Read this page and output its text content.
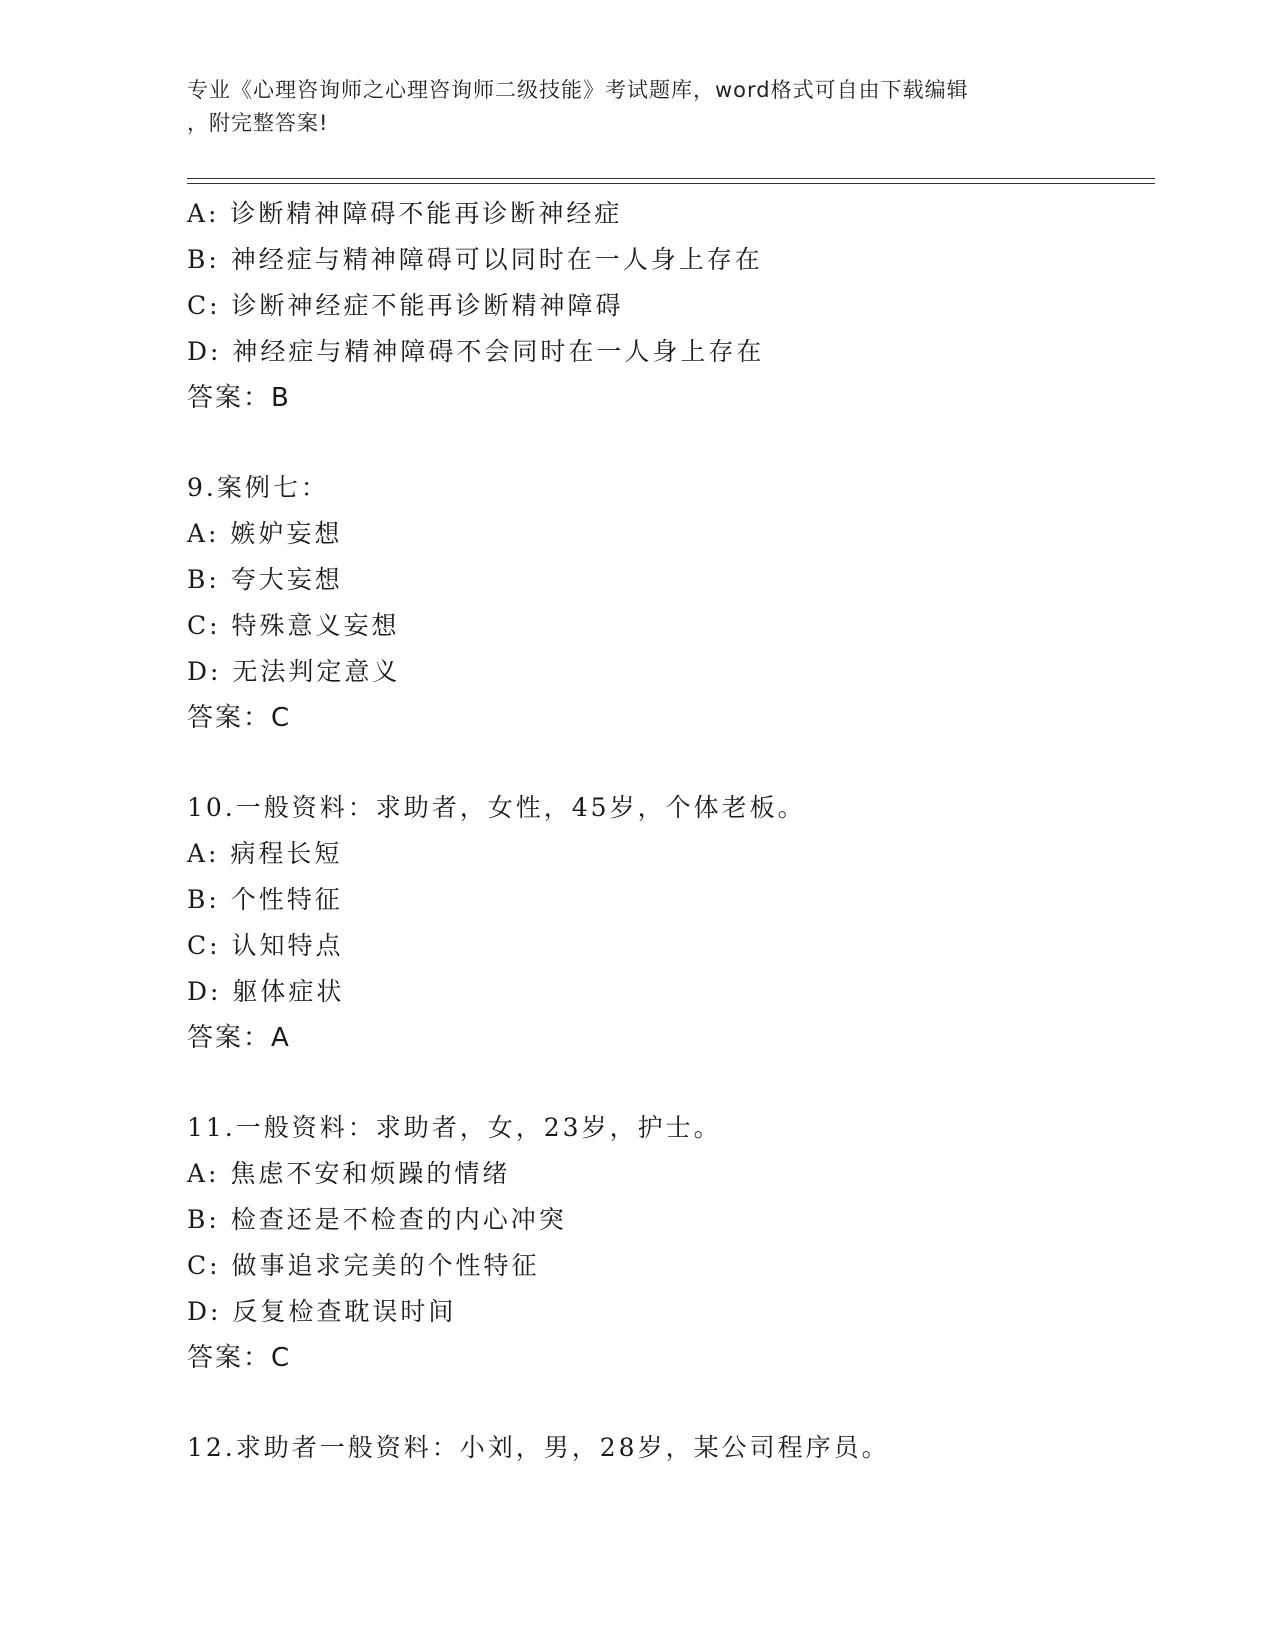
专业《心理咨询师之心理咨询师二级技能》考试题库，word格式可自由下载编辑
，附完整答案!
A: 诊断精神障碍不能再诊断神经症
B: 神经症与精神障碍可以同时在一人身上存在
C: 诊断神经症不能再诊断精神障碍
D: 神经症与精神障碍不会同时在一人身上存在
答案：B
9.案例七：
A: 嫉妒妄想
B: 夸大妄想
C: 特殊意义妄想
D: 无法判定意义
答案：C
10.一般资料：求助者，女性，45岁，个体老板。
A: 病程长短
B: 个性特征
C: 认知特点
D: 躯体症状
答案：A
11.一般资料：求助者，女，23岁，护士。
A: 焦虑不安和烦躁的情绪
B: 检查还是不检查的内心冲突
C: 做事追求完美的个性特征
D: 反复检查耽误时间
答案：C
12.求助者一般资料：小刘，男，28岁，某公司程序员。
